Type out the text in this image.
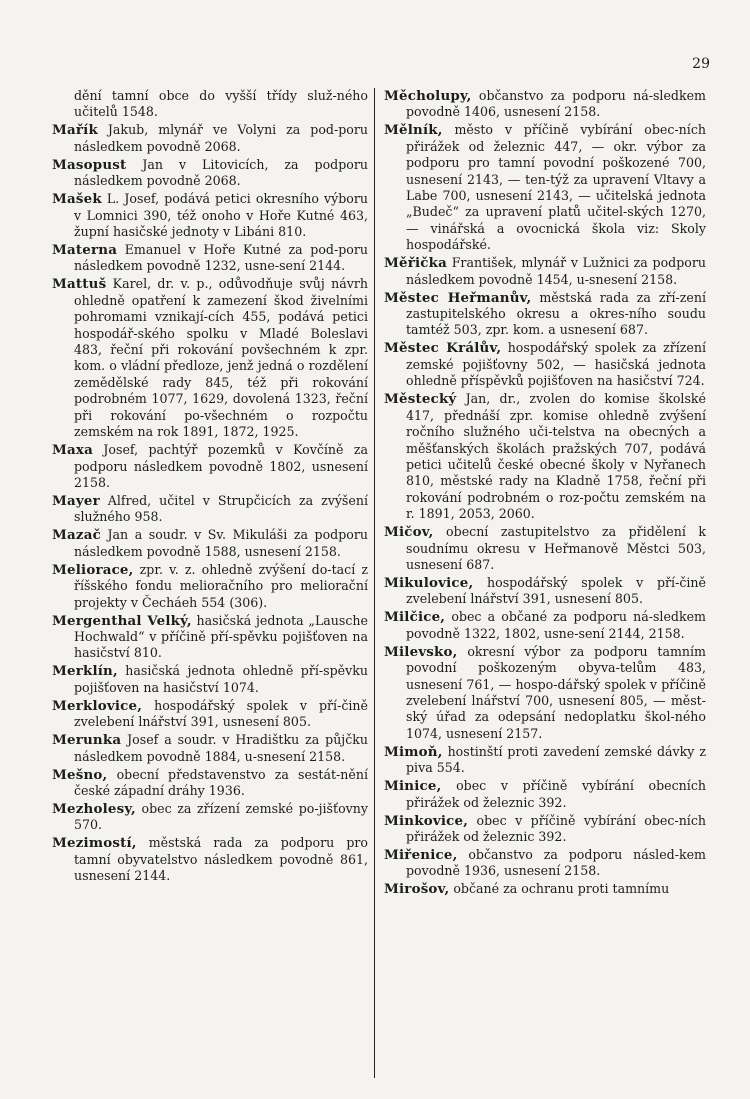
29

dění tamní obce do vyšší třídy služ-ného učitelů 1548.

Mařík Jakub, mlynář ve Volyni za pod-poru následkem povodně 2068.

Masopust Jan v Litovicích, za podporu následkem povodně 2068.

Mašek L. Josef, podává petici okresního výboru v Lomnici 390, též onoho v Hoře Kutné 463, župní hasičské jednoty v Libáni 810.

Materna Emanuel v Hoře Kutné za pod-poru následkem povodně 1232, usne-sení 2144.

Mattuš Karel, dr. v. p., odůvodňuje svůj návrh ohledně opatření k zamezení škod živelními pohromami vznikají-cích 455, podává petici hospodář-ského spolku v Mladé Boleslavi 483, řeční při rokování povšechném k zpr. kom. o vládní předloze, jenž jedná o rozdělení zemědělské rady 845, též při rokování podrobném 1077, 1629, dovolená 1323, řeční při rokování po-všechném o rozpočtu zemském na rok 1891, 1872, 1925.

Maxa Josef, pachtýř pozemků v Kovčíně za podporu následkem povodně 1802, usnesení 2158.

Mayer Alfred, učitel v Strupčicích za zvýšení služného 958.

Mazač Jan a soudr. v Sv. Mikuláši za podporu následkem povodně 1588, usnesení 2158.

Meliorace, zpr. v. z. ohledně zvýšení do-tací z říšského fondu melioračního pro meliorační projekty v Čecháeh 554 (306).

Mergenthal Velký, hasičská jednota „Lausche Hochwald“ v příčině pří-spěvku pojišťoven na hasičství 810.

Merklín, hasičská jednota ohledně pří-spěvku pojišťoven na hasičství 1074.

Merklovice, hospodářský spolek v pří-čině zvelebení lnářství 391, usnesení 805.

Merunka Josef a soudr. v Hradištku za půjčku následkem povodně 1884, u-snesení 2158.

Mešno, obecní představenstvo za sestát-nění české západní dráhy 1936.

Mezholesy, obec za zřízení zemské po-jišťovny 570.

Mezimostí, městská rada za podporu pro tamní obyvatelstvo následkem povodně 861, usnesení 2144.

Měcholupy, občanstvo za podporu ná-sledkem povodně 1406, usnesení 2158.

Mělník, město v příčině vybírání obec-ních přirážek od železnic 447, — okr. výbor za podporu pro tamní povodní poškozené 700, usnesení 2143, — ten-týž za upravení Vltavy a Labe 700, usnesení 2143, — učitelská jednota „Budeč“ za upravení platů učitel-ských 1270, — vinářská a ovocnická škola viz: Skoly hospodářské.

Měřička František, mlynář v Lužnici za podporu následkem povodně 1454, u-snesení 2158.

Městec Heřmanův, městská rada za zří-zení zastupitelského okresu a okres-ního soudu tamtéž 503, zpr. kom. a usnesení 687.

Městec Králův, hospodářský spolek za zřízení zemské pojišťovny 502, — hasičská jednota ohledně příspěvků pojišťoven na hasičství 724.

Městecký Jan, dr., zvolen do komise školské 417, přednáší zpr. komise ohledně zvýšení ročního služného uči-telstva na obecných a měšťanských školách pražských 707, podává petici učitelů české obecné školy v Nyřanech 810, městské rady na Kladně 1758, řeční při rokování podrobném o roz-počtu zemském na r. 1891, 2053, 2060.

Mičov, obecní zastupitelstvo za přidělení k soudnímu okresu v Heřmanově Městci 503, usnesení 687.

Mikulovice, hospodářský spolek v pří-čině zvelebení lnářství 391, usnesení 805.

Milčice, obec a občané za podporu ná-sledkem povodně 1322, 1802, usne-sení 2144, 2158.

Milevsko, okresní výbor za podporu tamním povodní poškozeným obyva-telům 483, usnesení 761, — hospo-dářský spolek v příčině zvelebení lnářství 700, usnesení 805, — měst-ský úřad za odepsání nedoplatku škol-ného 1074, usnesení 2157.

Mimoň, hostinští proti zavedení zemské dávky z piva 554.

Minice, obec v příčině vybírání obecních přirážek od železnic 392.

Minkovice, obec v příčině vybírání obec-ních přirážek od železnic 392.

Miřenice, občanstvo za podporu násled-kem povodně 1936, usnesení 2158.

Mirošov, občané za ochranu proti tamnímu
